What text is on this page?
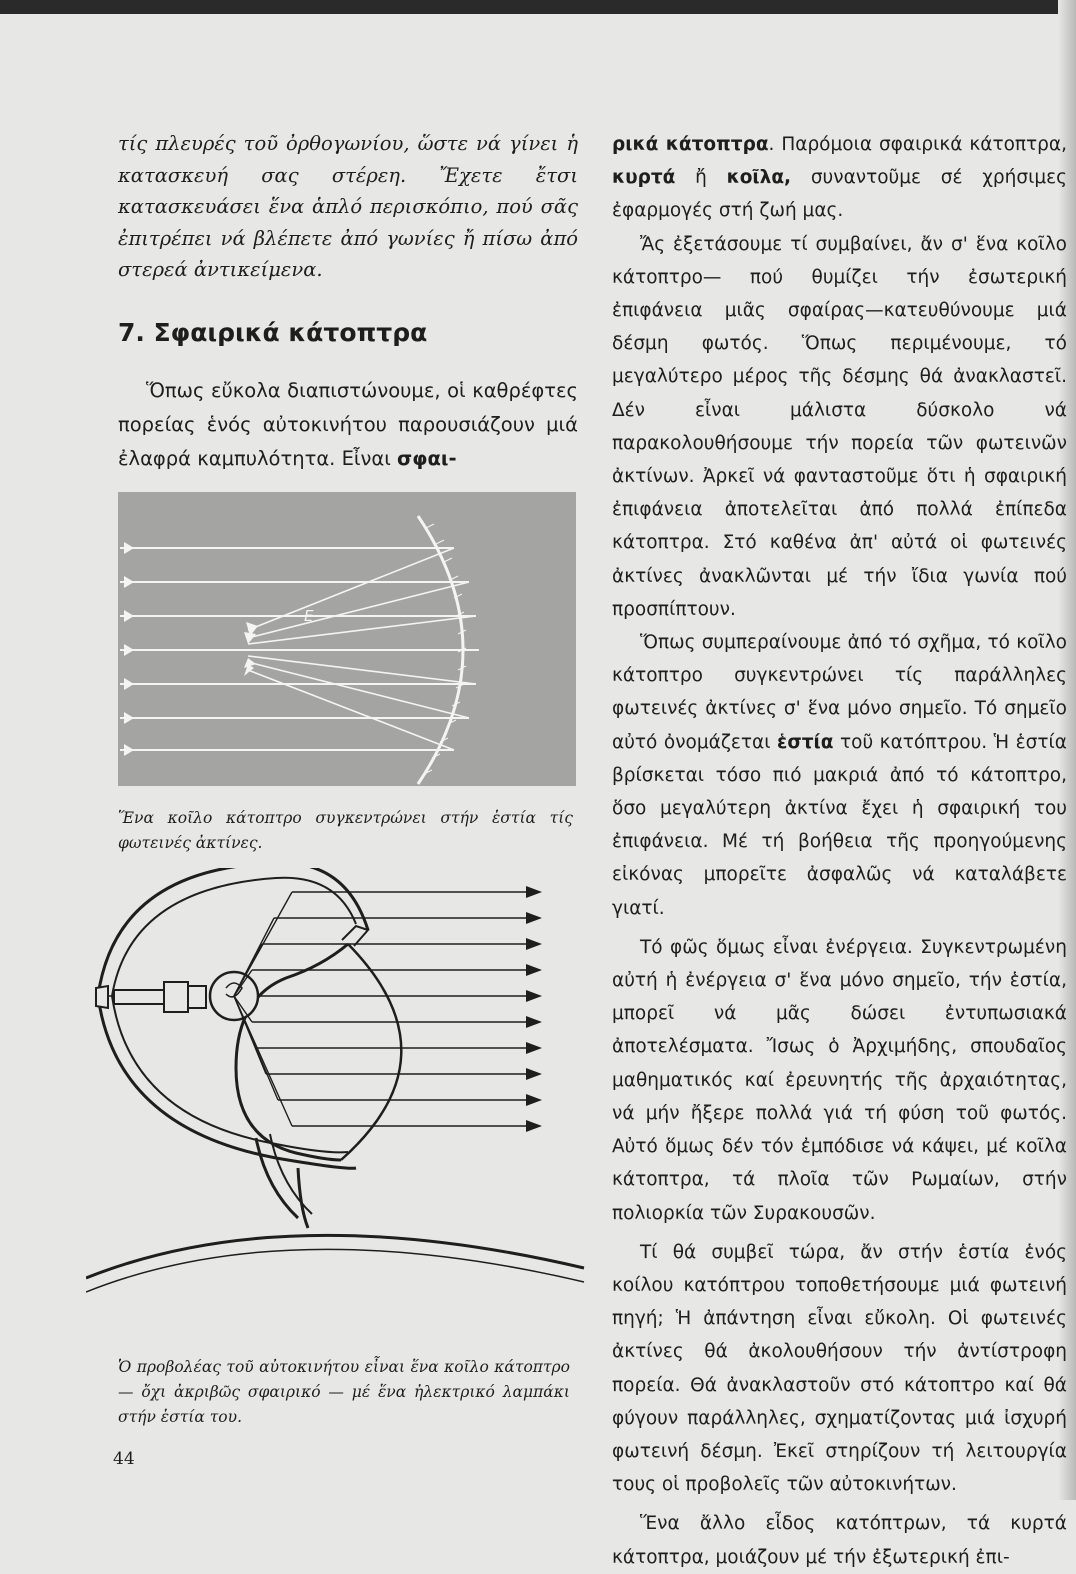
τίς πλευρές τοῦ ὀρθογωνίου, ὥστε νά γίνει ἡ κατασκευή σας στέρεη. Ἔχετε ἔτσι κατασκευάσει ἕνα ἁπλό περισκόπιο, πού σᾶς ἐπιτρέπει νά βλέπετε ἀπό γωνίες ἤ πίσω ἀπό στερεά ἀντικείμενα.

7. Σφαιρικά κάτοπτρα

Ὅπως εὔκολα διαπιστώνουμε, οἱ καθρέφτες πορείας ἑνός αὐτοκινήτου παρουσιάζουν μιά ἐλαφρά καμπυλότητα. Εἶναι σφαι-

E

Ἕνα κοῖλο κάτοπτρο συγκεντρώνει στήν ἑστία τίς φωτεινές ἀκτίνες.

Ὁ προβολέας τοῦ αὐτοκινήτου εἶναι ἕνα κοῖλο κάτοπτρο — ὄχι ἀκριβῶς σφαιρικό — μέ ἕνα ἠλεκτρικό λαμπάκι στήν ἑστία του.

44

ρικά κάτοπτρα. Παρόμοια σφαιρικά κάτοπτρα, κυρτά ἤ κοῖλα, συναντοῦμε σέ χρήσιμες ἐφαρμογές στή ζωή μας.

Ἄς ἐξετάσουμε τί συμβαίνει, ἄν σ' ἕνα κοῖλο κάτοπτρο— πού θυμίζει τήν ἐσωτερική ἐπιφάνεια μιᾶς σφαίρας—κατευθύνουμε μιά δέσμη φωτός. Ὅπως περιμένουμε, τό μεγαλύτερο μέρος τῆς δέσμης θά ἀνακλαστεῖ. Δέν εἶναι μάλιστα δύσκολο νά παρακολουθήσουμε τήν πορεία τῶν φωτεινῶν ἀκτίνων. Ἀρκεῖ νά φανταστοῦμε ὅτι ἡ σφαιρική ἐπιφάνεια ἀποτελεῖται ἀπό πολλά ἐπίπεδα κάτοπτρα. Στό καθένα ἀπ' αὐτά οἱ φωτεινές ἀκτίνες ἀνακλῶνται μέ τήν ἴδια γωνία πού προσπίπτουν.

Ὅπως συμπεραίνουμε ἀπό τό σχῆμα, τό κοῖλο κάτοπτρο συγκεντρώνει τίς παράλληλες φωτεινές ἀκτίνες σ' ἕνα μόνο σημεῖο. Τό σημεῖο αὐτό ὀνομάζεται ἑστία τοῦ κατόπτρου. Ἡ ἑστία βρίσκεται τόσο πιό μακριά ἀπό τό κάτοπτρο, ὅσο μεγαλύτερη ἀκτίνα ἔχει ἡ σφαιρική του ἐπιφάνεια. Μέ τή βοήθεια τῆς προηγούμενης εἰκόνας μπορεῖτε ἀσφαλῶς νά καταλάβετε γιατί.

Τό φῶς ὅμως εἶναι ἐνέργεια. Συγκεντρωμένη αὐτή ἡ ἐνέργεια σ' ἕνα μόνο σημεῖο, τήν ἑστία, μπορεῖ νά μᾶς δώσει ἐντυπωσιακά ἀποτελέσματα. Ἴσως ὁ Ἀρχιμήδης, σπουδαῖος μαθηματικός καί ἐρευνητής τῆς ἀρχαιότητας, νά μήν ἤξερε πολλά γιά τή φύση τοῦ φωτός. Αὐτό ὅμως δέν τόν ἐμπόδισε νά κάψει, μέ κοῖλα κάτοπτρα, τά πλοῖα τῶν Ρωμαίων, στήν πολιορκία τῶν Συρακουσῶν.

Τί θά συμβεῖ τώρα, ἄν στήν ἑστία ἑνός κοίλου κατόπτρου τοποθετήσουμε μιά φωτεινή πηγή; Ἡ ἀπάντηση εἶναι εὔκολη. Οἱ φωτεινές ἀκτίνες θά ἀκολουθήσουν τήν ἀντίστροφη πορεία. Θά ἀνακλαστοῦν στό κάτοπτρο καί θά φύγουν παράλληλες, σχηματίζοντας μιά ἰσχυρή φωτεινή δέσμη. Ἐκεῖ στηρίζουν τή λειτουργία τους οἱ προβολεῖς τῶν αὐτοκινήτων.

Ἕνα ἄλλο εἶδος κατόπτρων, τά κυρτά κάτοπτρα, μοιάζουν μέ τήν ἐξωτερική ἐπι-
